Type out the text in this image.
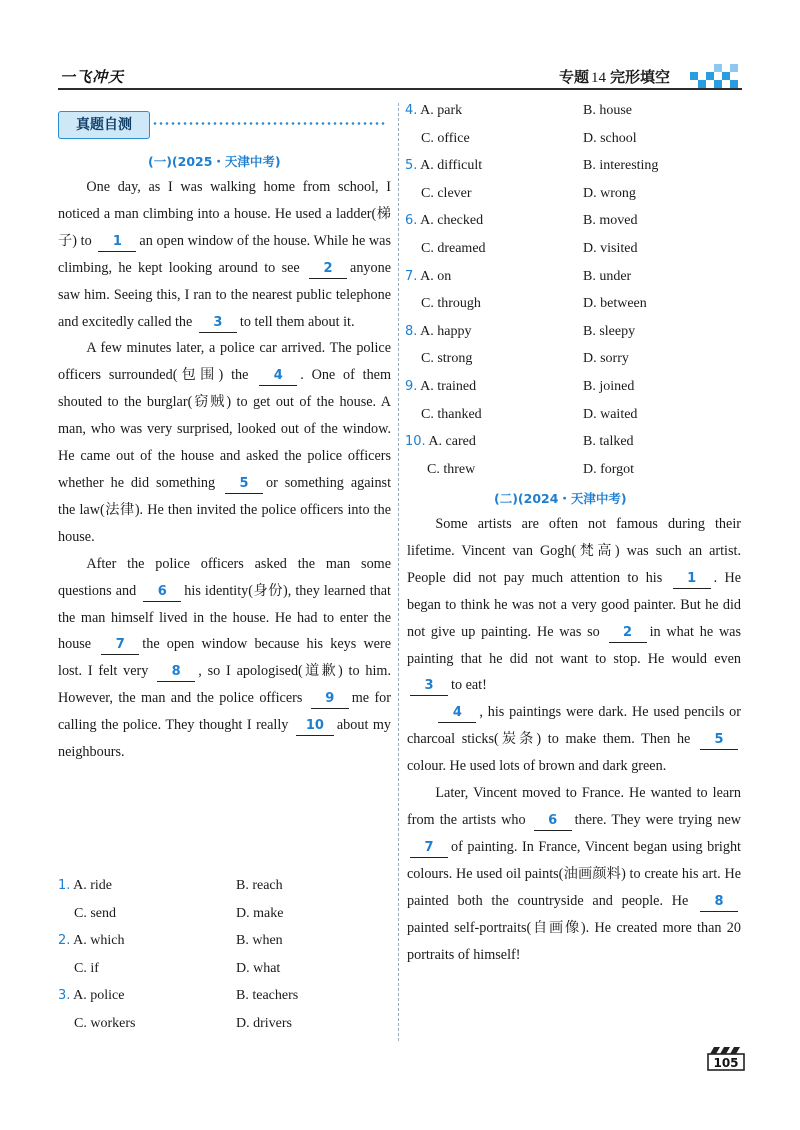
一飞冲天	专题 14 完形填空
真题自测
(一)(2025・天津中考)

One day, as I was walking home from school, I noticed a man climbing into a house. He used a ladder(梯子) to 1 an open window of the house. While he was climbing, he kept looking around to see 2 anyone saw him. Seeing this, I ran to the nearest public telephone and excitedly called the 3 to tell them about it.

A few minutes later, a police car arrived. The police officers surrounded(包围) the 4 . One of them shouted to the burglar(窃贼) to get out of the house. A man, who was very surprised, looked out of the window. He came out of the house and asked the police officers whether he did something 5 or something against the law(法律). He then invited the police officers into the house.

After the police officers asked the man some questions and 6 his identity(身份), they learned that the man himself lived in the house. He had to enter the house 7 the open window because his keys were lost. I felt very 8 , so I apologised(道歉) to him. However, the man and the police officers 9 me for calling the police. They thought I really 10 about my neighbours.

1. A. ride	B. reach
C. send	D. make
2. A. which	B. when
C. if	D. what
3. A. police	B. teachers
C. workers	D. drivers
4. A. park	B. house
C. office	D. school
5. A. difficult	B. interesting
C. clever	D. wrong
6. A. checked	B. moved
C. dreamed	D. visited
7. A. on	B. under
C. through	D. between
8. A. happy	B. sleepy
C. strong	D. sorry
9. A. trained	B. joined
C. thanked	D. waited
10. A. cared	B. talked
C. threw	D. forgot
(二)(2024・天津中考)

Some artists are often not famous during their lifetime. Vincent van Gogh(梵高) was such an artist. People did not pay much attention to his 1 . He began to think he was not a very good painter. But he did not give up painting. He was so 2 in what he was painting that he did not want to stop. He would even 3 to eat!

4 , his paintings were dark. He used pencils or charcoal sticks(炭条) to make them. Then he 5colour. He used lots of brown and dark green.

Later, Vincent moved to France. He wanted to learn from the artists who 6 there. They were trying new 7 of painting. In France, Vincent began using bright colours. He used oil paints(油画颜料) to create his art. He painted both the countryside and people. He 8painted self-portraits(自画像). He created more than 20 portraits of himself!

105
